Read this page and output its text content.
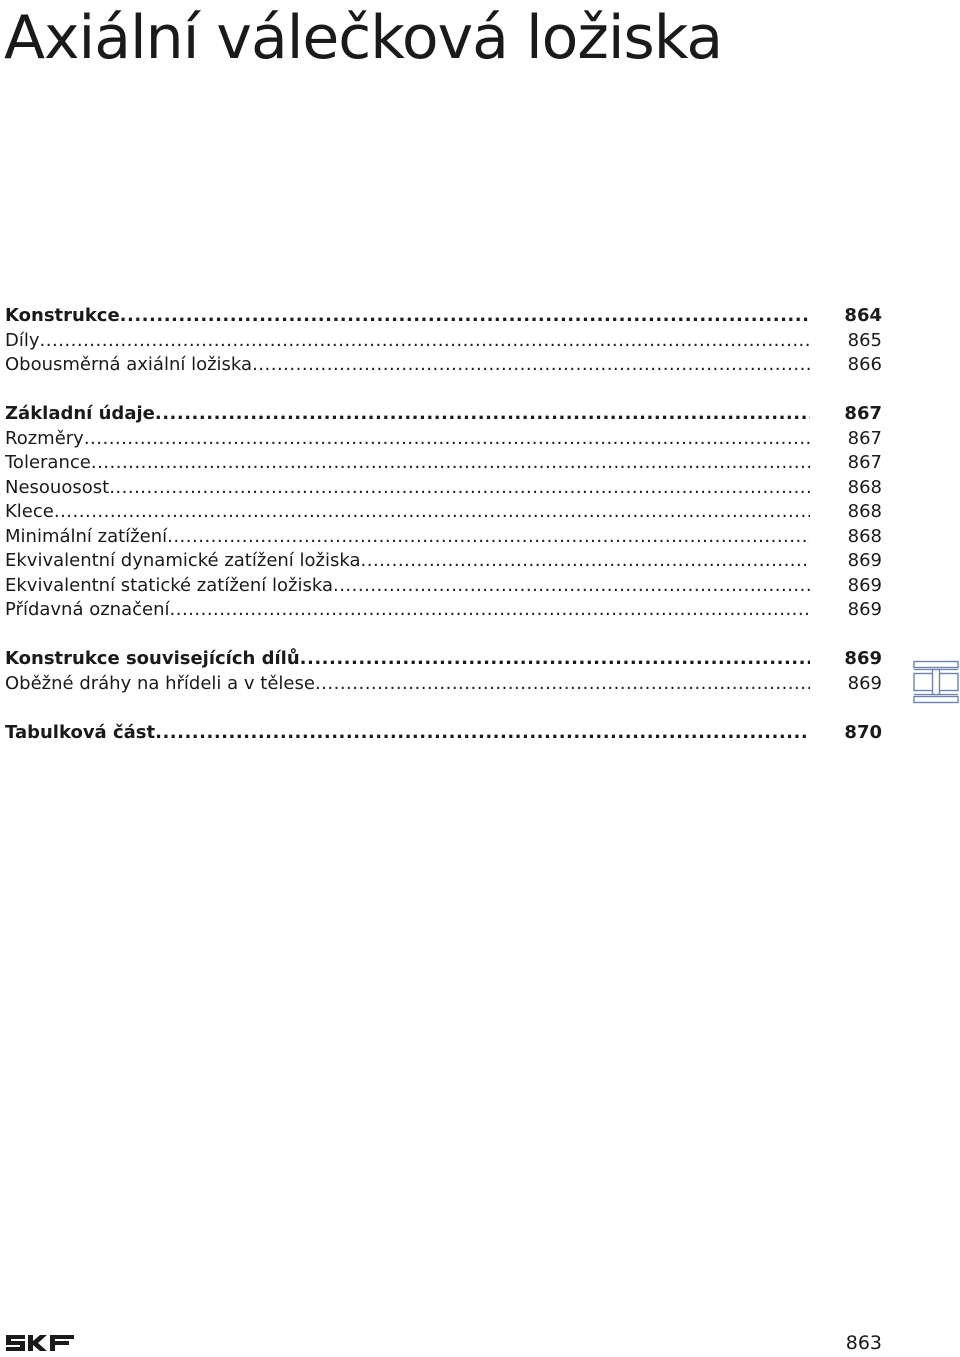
Axiální válečková ložiska
Konstrukce .....	864
Díly .....	865
Obousměrná axiální ložiska .....	866
Základní údaje .....	867
Rozměry .....	867
Tolerance .....	867
Nesouosost .....	868
Klece .....	868
Minimální zatížení .....	868
Ekvivalentní dynamické zatížení ložiska .....	869
Ekvivalentní statické zatížení ložiska .....	869
Přídavná označení .....	869
Konstrukce souvisejících dílů .....	869
Oběžné dráhy na hřídeli a v tělese .....	869
Tabulková část .....	870
863
